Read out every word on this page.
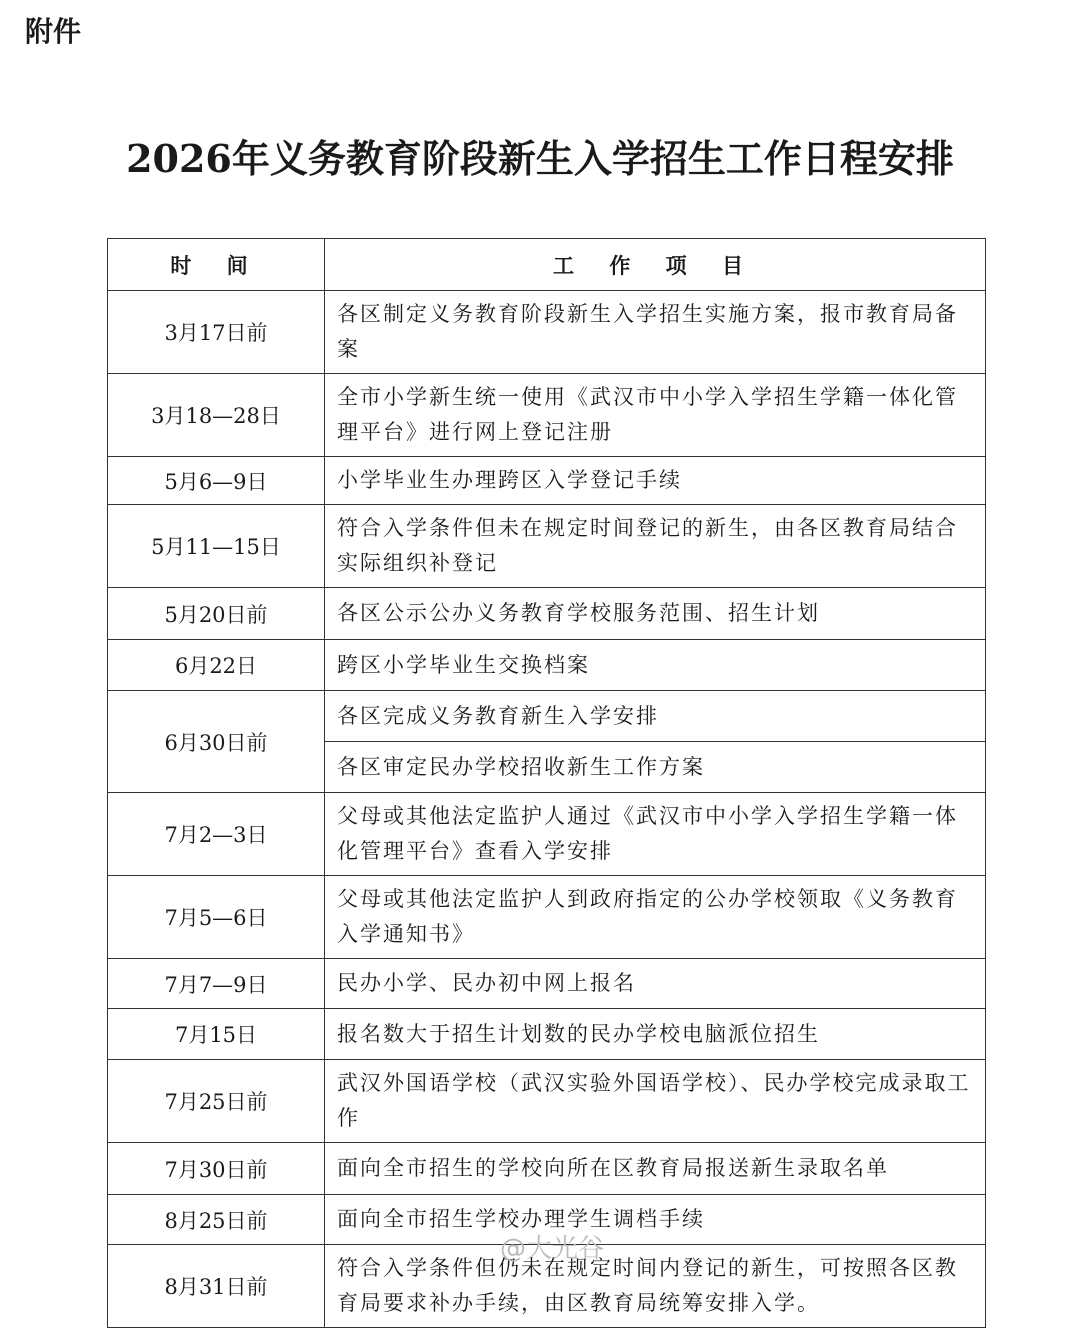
附件
2026年义务教育阶段新生入学招生工作日程安排
时 间	工 作 项 目
3月17日前	各区制定义务教育阶段新生入学招生实施方案，报市教育局备案
3月18—28日	全市小学新生统一使用《武汉市中小学入学招生学籍一体化管理平台》进行网上登记注册
5月6—9日	小学毕业生办理跨区入学登记手续
5月11—15日	符合入学条件但未在规定时间登记的新生，由各区教育局结合实际组织补登记
5月20日前	各区公示公办义务教育学校服务范围、招生计划
6月22日	跨区小学毕业生交换档案
6月30日前	各区完成义务教育新生入学安排
	各区审定民办学校招收新生工作方案
7月2—3日	父母或其他法定监护人通过《武汉市中小学入学招生学籍一体化管理平台》查看入学安排
7月5—6日	父母或其他法定监护人到政府指定的公办学校领取《义务教育入学通知书》
7月7—9日	民办小学、民办初中网上报名
7月15日	报名数大于招生计划数的民办学校电脑派位招生
7月25日前	武汉外国语学校（武汉实验外国语学校）、民办学校完成录取工作
7月30日前	面向全市招生的学校向所在区教育局报送新生录取名单
8月25日前	面向全市招生学校办理学生调档手续
8月31日前	符合入学条件但仍未在规定时间内登记的新生，可按照各区教育局要求补办手续，由区教育局统筹安排入学。
@大光谷
